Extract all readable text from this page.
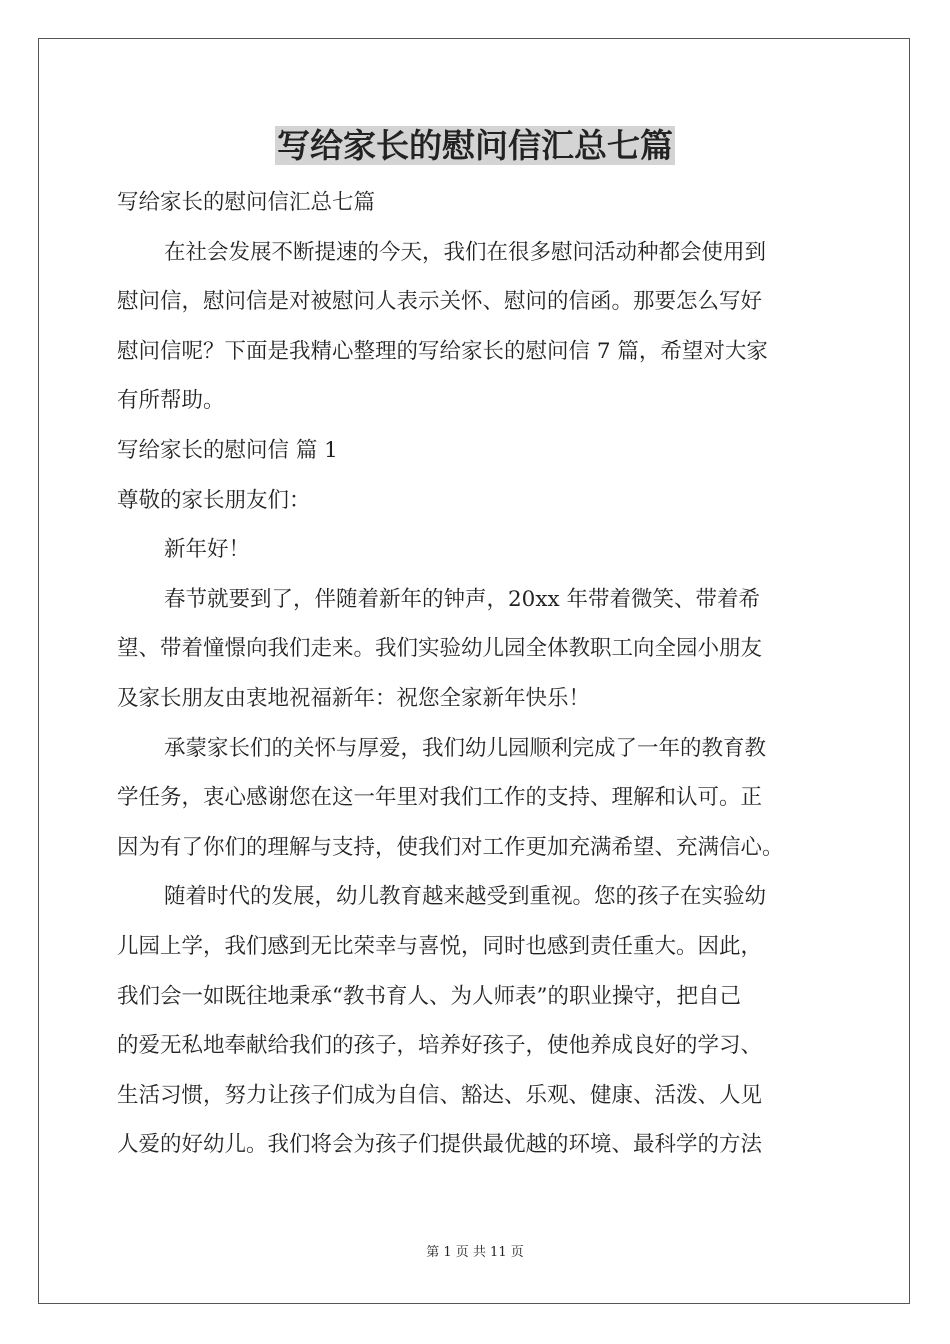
写给家长的慰问信汇总七篇

写给家长的慰问信汇总七篇

在社会发展不断提速的今天，我们在很多慰问活动种都会使用到

慰问信，慰问信是对被慰问人表示关怀、慰问的信函。那要怎么写好

慰问信呢？下面是我精心整理的写给家长的慰问信 7 篇，希望对大家

有所帮助。

写给家长的慰问信 篇 1

尊敬的家长朋友们：

新年好！

春节就要到了，伴随着新年的钟声，20xx 年带着微笑、带着希

望、带着憧憬向我们走来。我们实验幼儿园全体教职工向全园小朋友

及家长朋友由衷地祝福新年：祝您全家新年快乐！

承蒙家长们的关怀与厚爱，我们幼儿园顺利完成了一年的教育教

学任务，衷心感谢您在这一年里对我们工作的支持、理解和认可。正

因为有了你们的理解与支持，使我们对工作更加充满希望、充满信心。

随着时代的发展，幼儿教育越来越受到重视。您的孩子在实验幼

儿园上学，我们感到无比荣幸与喜悦，同时也感到责任重大。因此，

我们会一如既往地秉承“教书育人、为人师表”的职业操守，把自己

的爱无私地奉献给我们的孩子，培养好孩子，使他养成良好的学习、

生活习惯，努力让孩子们成为自信、豁达、乐观、健康、活泼、人见

人爱的好幼儿。我们将会为孩子们提供最优越的环境、最科学的方法

第 1 页 共 11 页
